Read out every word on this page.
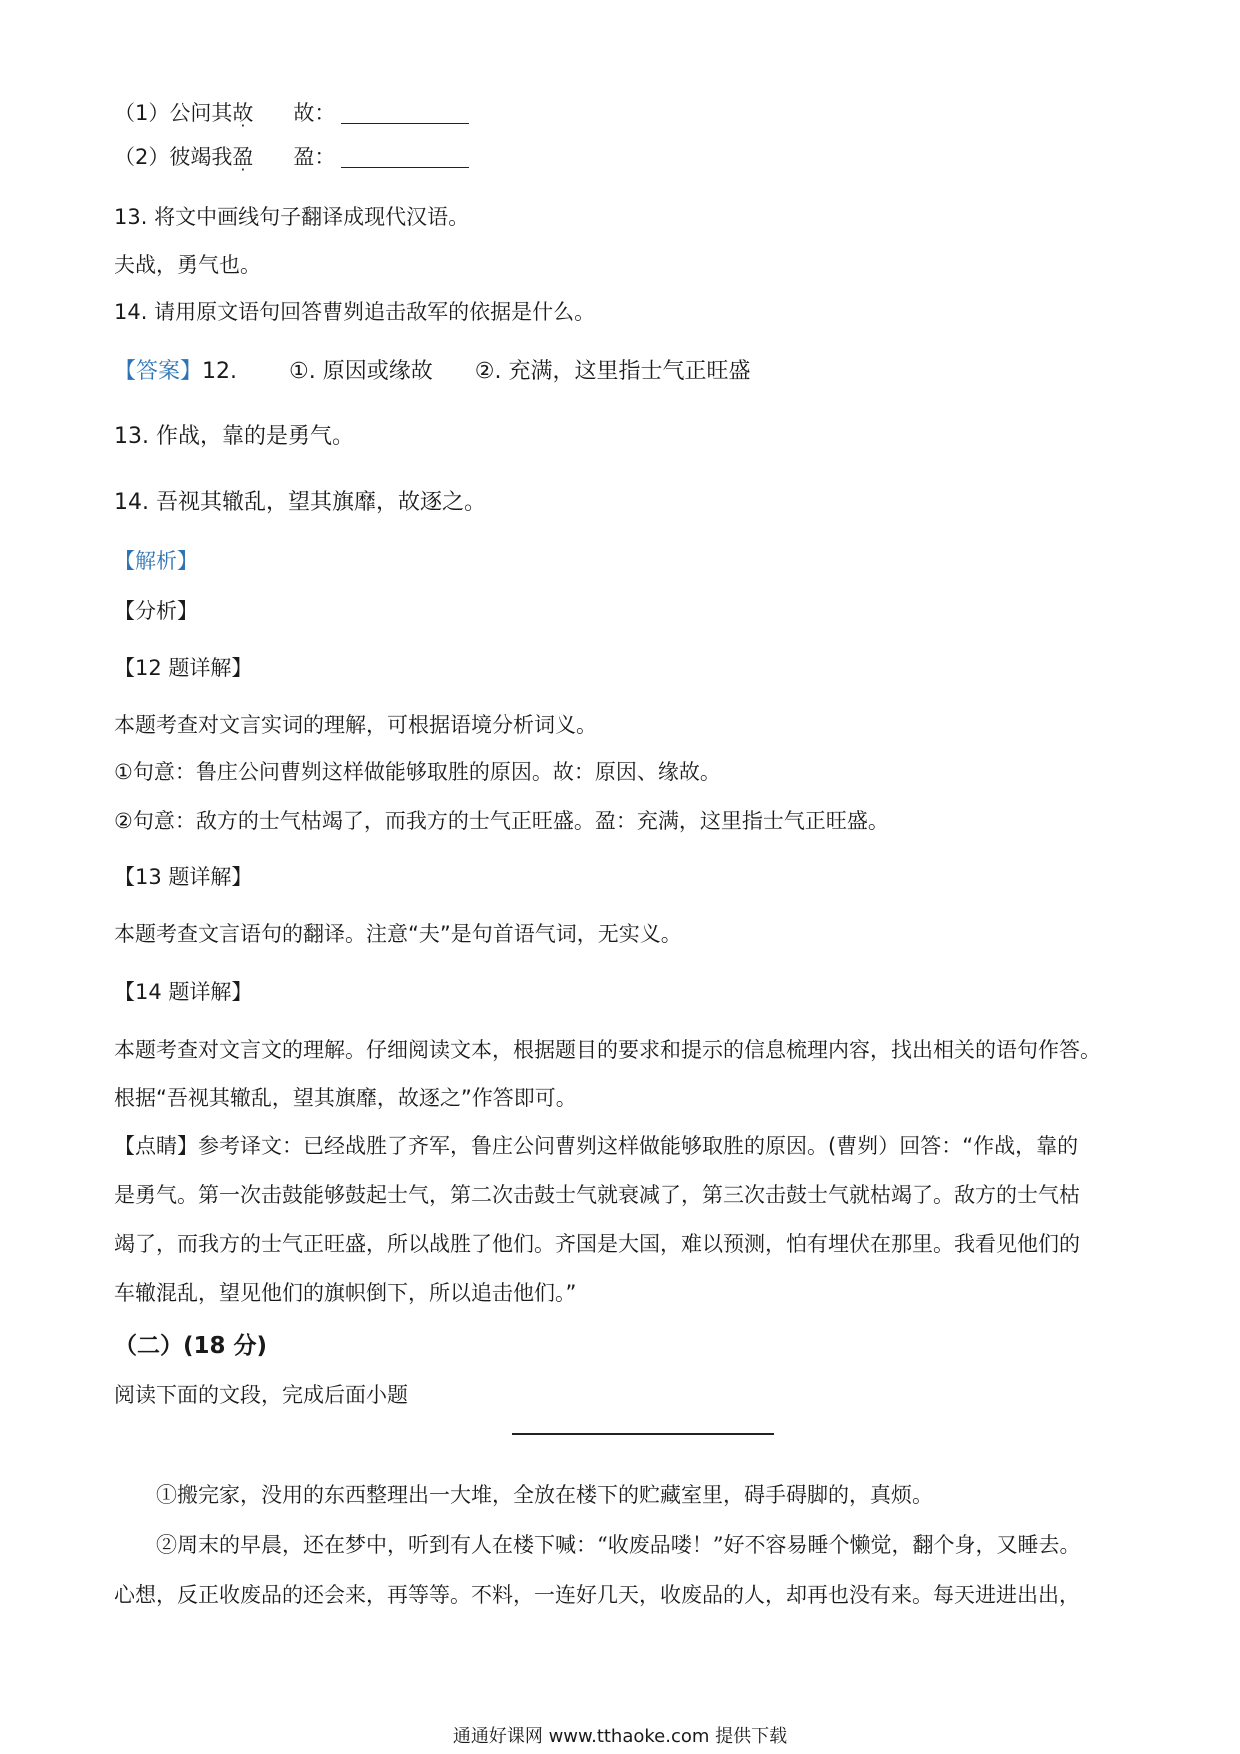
（1）公问其故 故：
（2）彼竭我盈 盈：
13. 将文中画线句子翻译成现代汉语。
夫战，勇气也。
14. 请用原文语句回答曹刿追击敌军的依据是什么。
【答案】12. ①. 原因或缘故 ②. 充满，这里指士气正旺盛
13. 作战，靠的是勇气。
14. 吾视其辙乱，望其旗靡，故逐之。
【解析】
【分析】
【12 题详解】
本题考查对文言实词的理解，可根据语境分析词义。
①句意：鲁庄公问曹刿这样做能够取胜的原因。故：原因、缘故。
②句意：敌方的士气枯竭了，而我方的士气正旺盛。盈：充满，这里指士气正旺盛。
【13 题详解】
本题考查文言语句的翻译。注意“夫”是句首语气词，无实义。
【14 题详解】
本题考查对文言文的理解。仔细阅读文本，根据题目的要求和提示的信息梳理内容，找出相关的语句作答。
根据“吾视其辙乱，望其旗靡，故逐之”作答即可。
【点睛】参考译文：已经战胜了齐军，鲁庄公问曹刿这样做能够取胜的原因。(曹刿）回答：“作战，靠的
是勇气。第一次击鼓能够鼓起士气，第二次击鼓士气就衰减了，第三次击鼓士气就枯竭了。敌方的士气枯
竭了，而我方的士气正旺盛，所以战胜了他们。齐国是大国，难以预测，怕有埋伏在那里。我看见他们的
车辙混乱，望见他们的旗帜倒下，所以追击他们。”
（二）(18 分)
阅读下面的文段，完成后面小题
①搬完家，没用的东西整理出一大堆，全放在楼下的贮藏室里，碍手碍脚的，真烦。
②周末的早晨，还在梦中，听到有人在楼下喊：“收废品喽！”好不容易睡个懒觉，翻个身，又睡去。
心想，反正收废品的还会来，再等等。不料，一连好几天，收废品的人，却再也没有来。每天进进出出，
通通好课网 www.tthaoke.com 提供下载
